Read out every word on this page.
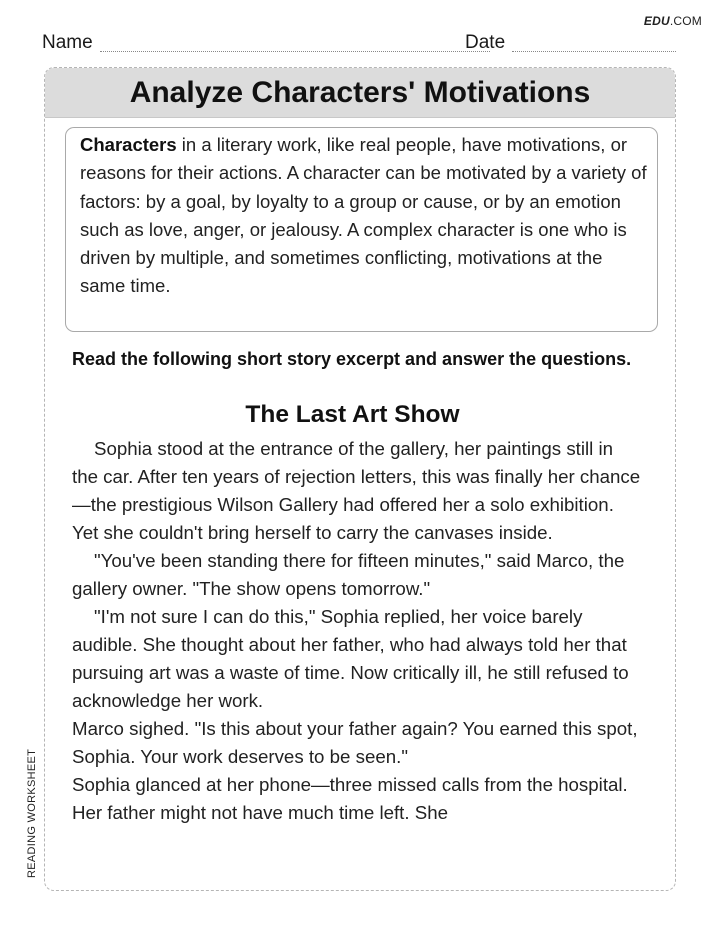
EDU.COM
Name	Date
Analyze Characters' Motivations
Characters in a literary work, like real people, have motivations, or reasons for their actions. A character can be motivated by a variety of factors: by a goal, by loyalty to a group or cause, or by an emotion such as love, anger, or jealousy. A complex character is one who is driven by multiple, and sometimes conflicting, motivations at the same time.
Read the following short story excerpt and answer the questions.
The Last Art Show

Sophia stood at the entrance of the gallery, her paintings still in the car. After ten years of rejection letters, this was finally her chance—the prestigious Wilson Gallery had offered her a solo exhibition. Yet she couldn't bring herself to carry the canvases inside.

"You've been standing there for fifteen minutes," said Marco, the gallery owner. "The show opens tomorrow."

"I'm not sure I can do this," Sophia replied, her voice barely audible. She thought about her father, who had always told her that pursuing art was a waste of time. Now critically ill, he still refused to acknowledge her work.

Marco sighed. "Is this about your father again? You earned this spot, Sophia. Your work deserves to be seen."

Sophia glanced at her phone—three missed calls from the hospital. Her father might not have much time left. She

READING WORKSHEET
